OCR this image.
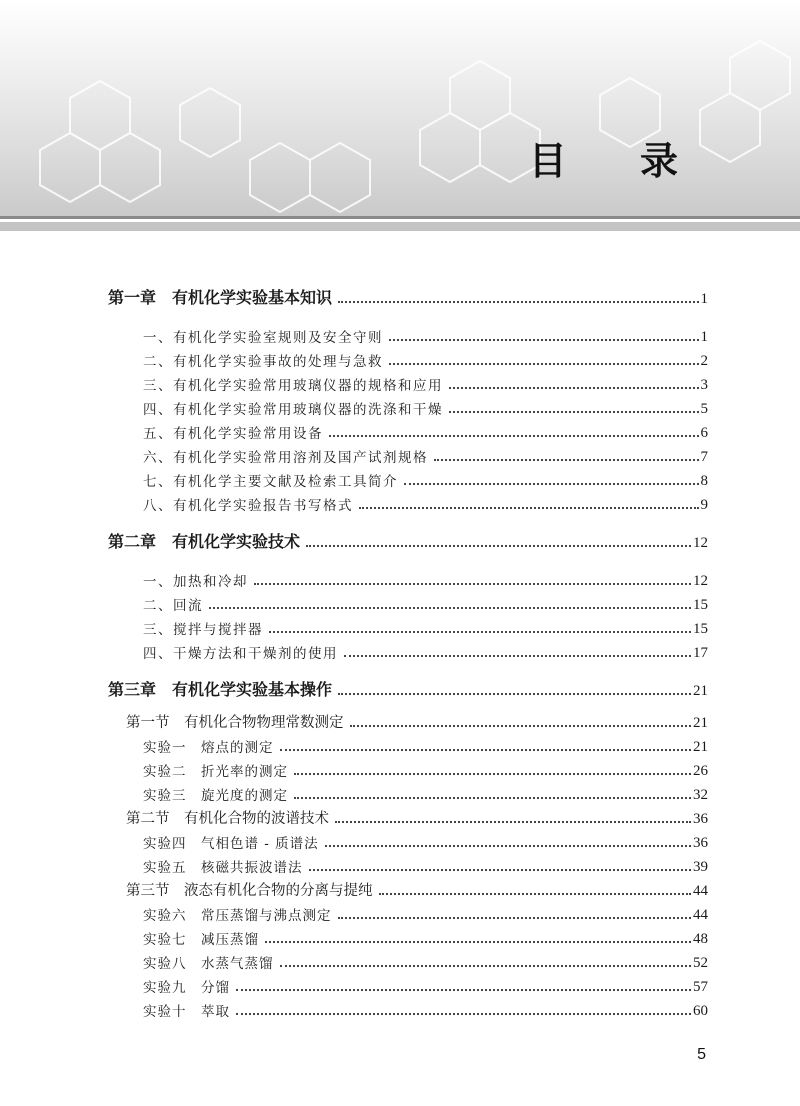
目 录
第一章　有机化学实验基本知识	1
一、有机化学实验室规则及安全守则	1
二、有机化学实验事故的处理与急救	2
三、有机化学实验常用玻璃仪器的规格和应用	3
四、有机化学实验常用玻璃仪器的洗涤和干燥	5
五、有机化学实验常用设备	6
六、有机化学实验常用溶剂及国产试剂规格	7
七、有机化学主要文献及检索工具简介	8
八、有机化学实验报告书写格式	9
第二章　有机化学实验技术	12
一、加热和冷却	12
二、回流	15
三、搅拌与搅拌器	15
四、干燥方法和干燥剂的使用	17
第三章　有机化学实验基本操作	21
第一节　有机化合物物理常数测定	21
实验一　熔点的测定	21
实验二　折光率的测定	26
实验三　旋光度的测定	32
第二节　有机化合物的波谱技术	36
实验四　气相色谱 - 质谱法	36
实验五　核磁共振波谱法	39
第三节　液态有机化合物的分离与提纯	44
实验六　常压蒸馏与沸点测定	44
实验七　减压蒸馏	48
实验八　水蒸气蒸馏	52
实验九　分馏	57
实验十　萃取	60
5
